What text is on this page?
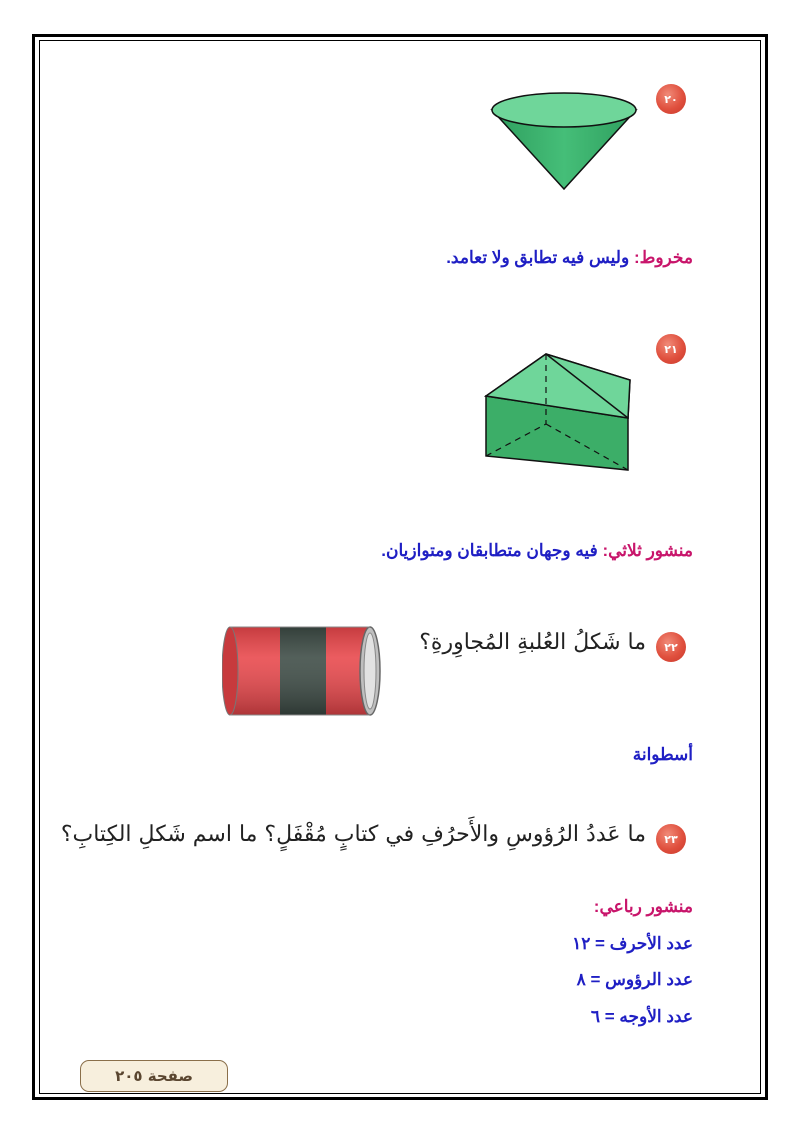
٢٠
مخروط: وليس فيه تطابق ولا تعامد.
٢١
منشور ثلاثي: فيه وجهان متطابقان ومتوازيان.
٢٢
ما شَكلُ العُلبةِ المُجاوِرةِ؟
أسطوانة
٢٣
ما عَددُ الرُؤوسِ والأَحرُفِ في كتابٍ مُقْفَلٍ؟ ما اسم شَكلِ الكِتابِ؟
منشور رباعي:
عدد الأحرف = ١٢
عدد الرؤوس = ٨
عدد الأوجه = ٦
صفحة ٢٠٥
